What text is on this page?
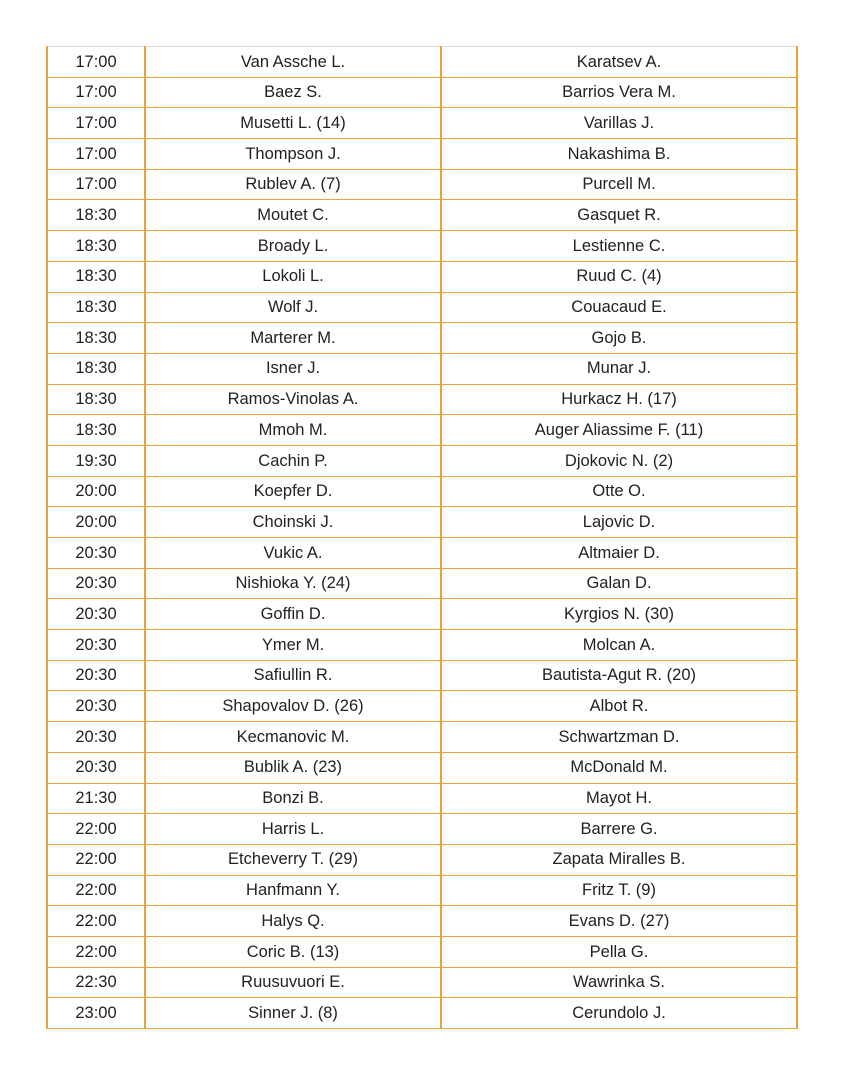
17:00	Van Assche L.	Karatsev A.
17:00	Baez S.	Barrios Vera M.
17:00	Musetti L. (14)	Varillas J.
17:00	Thompson J.	Nakashima B.
17:00	Rublev A. (7)	Purcell M.
18:30	Moutet C.	Gasquet R.
18:30	Broady L.	Lestienne C.
18:30	Lokoli L.	Ruud C. (4)
18:30	Wolf J.	Couacaud E.
18:30	Marterer M.	Gojo B.
18:30	Isner J.	Munar J.
18:30	Ramos-Vinolas A.	Hurkacz H. (17)
18:30	Mmoh M.	Auger Aliassime F. (11)
19:30	Cachin P.	Djokovic N. (2)
20:00	Koepfer D.	Otte O.
20:00	Choinski J.	Lajovic D.
20:30	Vukic A.	Altmaier D.
20:30	Nishioka Y. (24)	Galan D.
20:30	Goffin D.	Kyrgios N. (30)
20:30	Ymer M.	Molcan A.
20:30	Safiullin R.	Bautista-Agut R. (20)
20:30	Shapovalov D. (26)	Albot R.
20:30	Kecmanovic M.	Schwartzman D.
20:30	Bublik A. (23)	McDonald M.
21:30	Bonzi B.	Mayot H.
22:00	Harris L.	Barrere G.
22:00	Etcheverry T. (29)	Zapata Miralles B.
22:00	Hanfmann Y.	Fritz T. (9)
22:00	Halys Q.	Evans D. (27)
22:00	Coric B. (13)	Pella G.
22:30	Ruusuvuori E.	Wawrinka S.
23:00	Sinner J. (8)	Cerundolo J.
